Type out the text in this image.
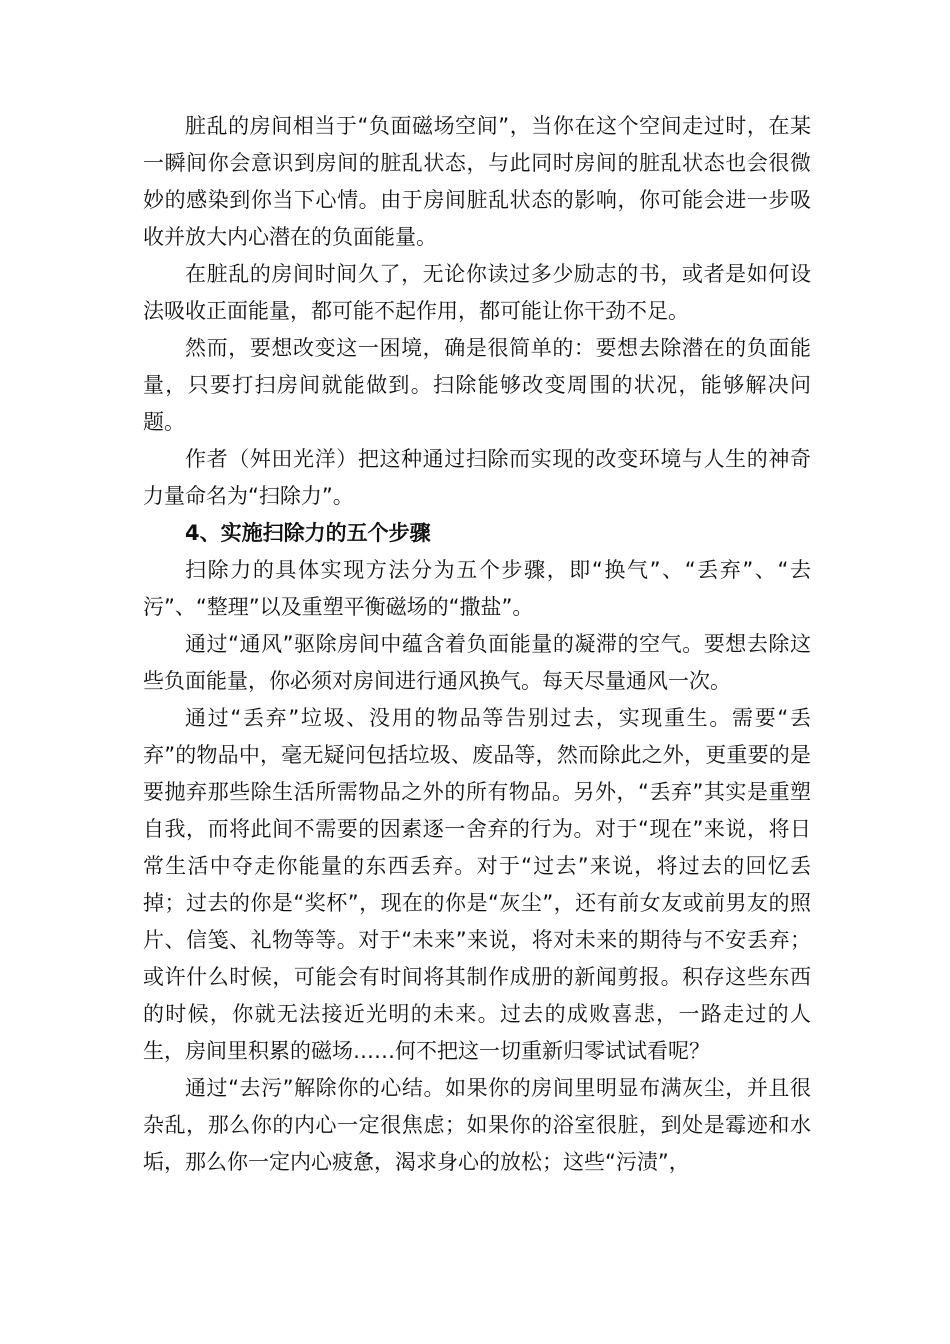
脏乱的房间相当于“负面磁场空间”，当你在这个空间走过时，在某一瞬间你会意识到房间的脏乱状态，与此同时房间的脏乱状态也会很微妙的感染到你当下心情。由于房间脏乱状态的影响，你可能会进一步吸收并放大内心潜在的负面能量。

在脏乱的房间时间久了，无论你读过多少励志的书，或者是如何设法吸收正面能量，都可能不起作用，都可能让你干劲不足。

然而，要想改变这一困境，确是很简单的：要想去除潜在的负面能量，只要打扫房间就能做到。扫除能够改变周围的状况，能够解决问题。

作者（舛田光洋）把这种通过扫除而实现的改变环境与人生的神奇力量命名为“扫除力”。

4、实施扫除力的五个步骤

扫除力的具体实现方法分为五个步骤，即“换气”、“丢弃”、“去污”、“整理”以及重塑平衡磁场的“撒盐”。

通过“通风”驱除房间中蕴含着负面能量的凝滞的空气。要想去除这些负面能量，你必须对房间进行通风换气。每天尽量通风一次。

通过“丢弃”垃圾、没用的物品等告别过去，实现重生。需要“丢弃”的物品中，毫无疑问包括垃圾、废品等，然而除此之外，更重要的是要抛弃那些除生活所需物品之外的所有物品。另外，“丢弃”其实是重塑自我，而将此间不需要的因素逐一舍弃的行为。对于“现在”来说，将日常生活中夺走你能量的东西丢弃。对于“过去”来说，将过去的回忆丢掉；过去的你是“奖杯”，现在的你是“灰尘”，还有前女友或前男友的照片、信笺、礼物等等。对于“未来”来说，将对未来的期待与不安丢弃；或许什么时候，可能会有时间将其制作成册的新闻剪报。积存这些东西的时候，你就无法接近光明的未来。过去的成败喜悲，一路走过的人生，房间里积累的磁场……何不把这一切重新归零试试看呢？

通过“去污”解除你的心结。如果你的房间里明显布满灰尘，并且很杂乱，那么你的内心一定很焦虑；如果你的浴室很脏，到处是霉迹和水垢，那么你一定内心疲惫，渴求身心的放松；这些“污渍”，
